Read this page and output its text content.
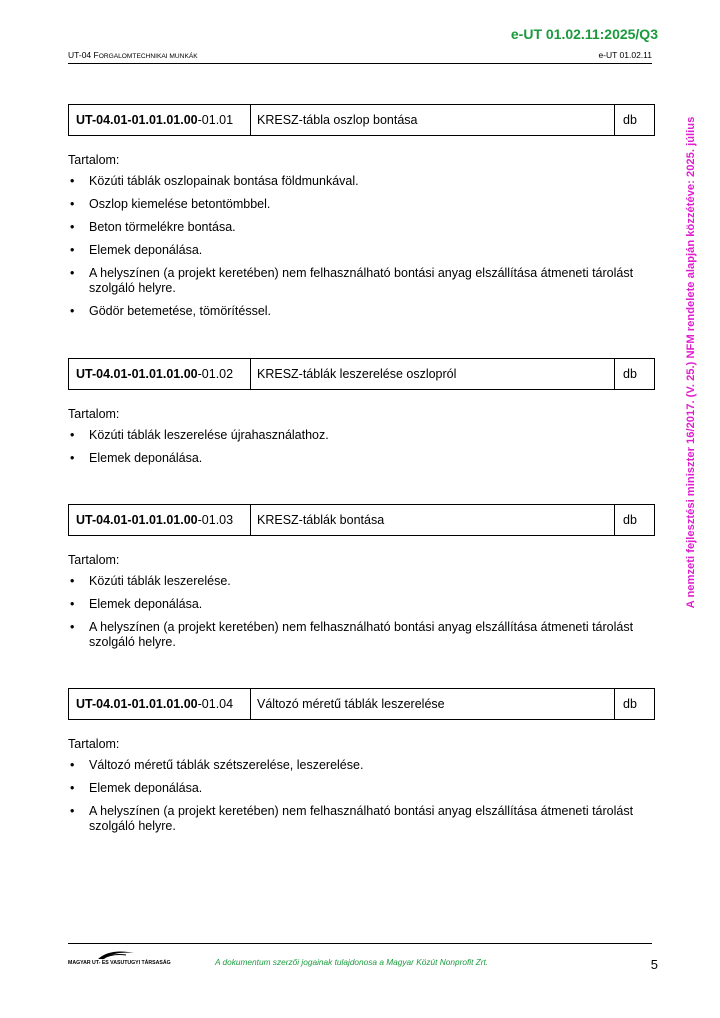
e-UT 01.02.11:2025/Q3
UT-04 FORGALOMTECHNIKAI MUNKÁK	e-UT 01.02.11
A nemzeti fejlesztési miniszter 16/2017. (V. 25.) NFM rendelete alapján közzétéve: 2025. július
UT-04.01-01.01.01.00 -01.01	KRESZ-tábla oszlop bontása	db
Tartalom:
• Közúti táblák oszlopainak bontása földmunkával.
• Oszlop kiemelése betontömbbel.
• Beton törmelékre bontása.
• Elemek deponálása.
• A helyszínen (a projekt keretében) nem felhasználható bontási anyag elszállítása átmeneti tárolást szolgáló helyre.
• Gödör betemetése, tömörítéssel.
UT-04.01-01.01.01.00 -01.02	KRESZ-táblák leszerelése oszlopról	db
Tartalom:
• Közúti táblák leszerelése újrahasználathoz.
• Elemek deponálása.
UT-04.01-01.01.01.00 -01.03	KRESZ-táblák bontása	db
Tartalom:
• Közúti táblák leszerelése.
• Elemek deponálása.
• A helyszínen (a projekt keretében) nem felhasználható bontási anyag elszállítása átmeneti tárolást szolgáló helyre.
UT-04.01-01.01.01.00 -01.04	Változó méretű táblák leszerelése	db
Tartalom:
• Változó méretű táblák szétszerelése, leszerelése.
• Elemek deponálása.
• A helyszínen (a projekt keretében) nem felhasználható bontási anyag elszállítása átmeneti tárolást szolgáló helyre.
MAGYAR UT- ES VASUTUGYI TÁRSASÁG	A dokumentum szerzői jogainak tulajdonosa a Magyar Közút Nonprofit Zrt.	5
